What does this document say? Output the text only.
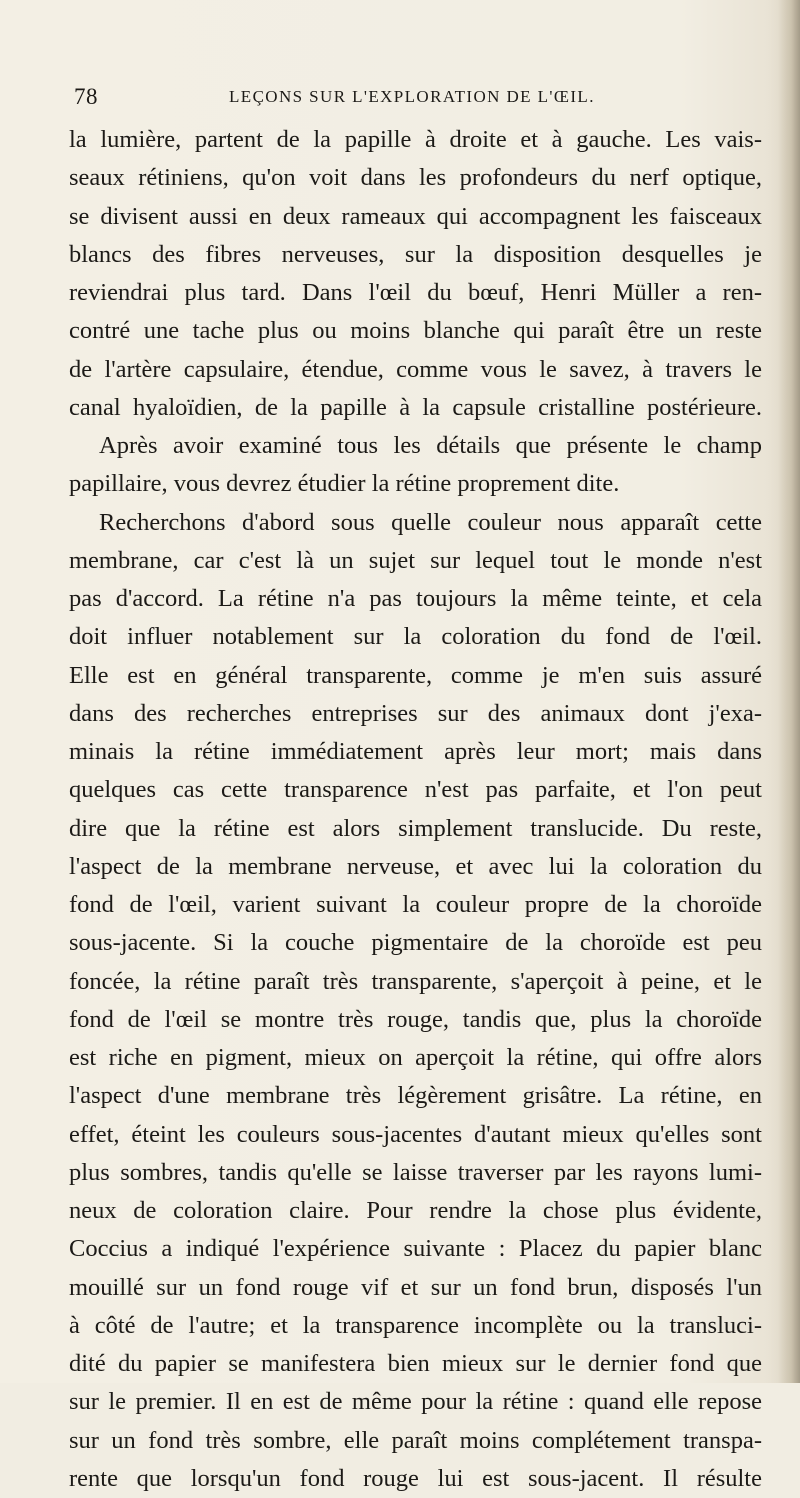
78	LEÇONS SUR L'EXPLORATION DE L'ŒIL.
la lumière, partent de la papille à droite et à gauche. Les vais-
seaux rétiniens, qu'on voit dans les profondeurs du nerf optique,
se divisent aussi en deux rameaux qui accompagnent les faisceaux
blancs des fibres nerveuses, sur la disposition desquelles je
reviendrai plus tard. Dans l'œil du bœuf, Henri Müller a ren-
contré une tache plus ou moins blanche qui paraît être un reste
de l'artère capsulaire, étendue, comme vous le savez, à travers le
canal hyaloïdien, de la papille à la capsule cristalline postérieure.
Après avoir examiné tous les détails que présente le champ
papillaire, vous devrez étudier la rétine proprement dite.
Recherchons d'abord sous quelle couleur nous apparaît cette
membrane, car c'est là un sujet sur lequel tout le monde n'est
pas d'accord. La rétine n'a pas toujours la même teinte, et cela
doit influer notablement sur la coloration du fond de l'œil.
Elle est en général transparente, comme je m'en suis assuré
dans des recherches entreprises sur des animaux dont j'exa-
minais la rétine immédiatement après leur mort; mais dans
quelques cas cette transparence n'est pas parfaite, et l'on peut
dire que la rétine est alors simplement translucide. Du reste,
l'aspect de la membrane nerveuse, et avec lui la coloration du
fond de l'œil, varient suivant la couleur propre de la choroïde
sous-jacente. Si la couche pigmentaire de la choroïde est peu
foncée, la rétine paraît très transparente, s'aperçoit à peine, et le
fond de l'œil se montre très rouge, tandis que, plus la choroïde
est riche en pigment, mieux on aperçoit la rétine, qui offre alors
l'aspect d'une membrane très légèrement grisâtre. La rétine, en
effet, éteint les couleurs sous-jacentes d'autant mieux qu'elles sont
plus sombres, tandis qu'elle se laisse traverser par les rayons lumi-
neux de coloration claire. Pour rendre la chose plus évidente,
Coccius a indiqué l'expérience suivante : Placez du papier blanc
mouillé sur un fond rouge vif et sur un fond brun, disposés l'un
à côté de l'autre; et la transparence incomplète ou la transluci-
dité du papier se manifestera bien mieux sur le dernier fond que
sur le premier. Il en est de même pour la rétine : quand elle repose
sur un fond très sombre, elle paraît moins complétement transpa-
rente que lorsqu'un fond rouge lui est sous-jacent. Il résulte
